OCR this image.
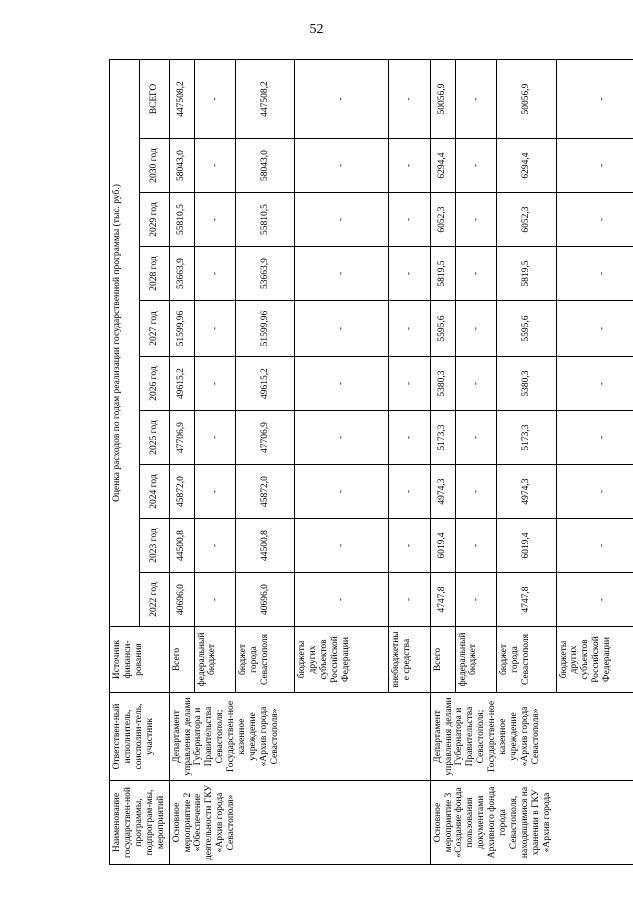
52
Наименование государствен-ной программы, подпрограм-мы, мероприятий	Ответствен-ный исполнитель, соисполни-тель, участник	Источник финанси-рования	Оценка расходов по годам реализации государственной программы (тыс. руб.)									
			2022 год	2023 год	2024 год	2025 год	2026 год	2027 год	2028 год	2029 год	2030 год	ВСЕГО
Основное мероприятие 2 «Обеспечение деятельности ГКУ «Архив города Севастополя»	Департамент управления делами Губернатора и Правительства Севастополя; Государствен-ное казенное учреждение «Архив города Севастополя»	Всего	40696,0	44500,8	45872,0	47706,9	49615,2	51599,96	53663,9	55810,5	58043,0	447508,2
		федеральный бюджет	-	-	-	-	-	-	-	-	-	-
		бюджет города Севастополя	40696,0	44500,8	45872,0	47706,9	49615,2	51599,96	53663,9	55810,5	58043,0	447508,2
		бюджеты других субъектов Российской Федерации	-	-	-	-	-	-	-	-	-	-
		внебюджетные средства	-	-	-	-	-	-	-	-	-	-
Основное мероприятие 3 «Создание фонда пользования документами Архивного фонда города Севастополя, находящимися на хранении в ГКУ «Архив города	Департамент управления делами Губернатора и Правительства Севастополя; Государствен-ное казенное учреждение «Архив города Севастополя»	Всего	4747,8	6019,4	4974,3	5173,3	5380,3	5595,6	5819,5	6052,3	6294,4	50056,9
		федеральный бюджет	-	-	-	-	-	-	-	-	-	-
		бюджет города Севастополя	4747,8	6019,4	4974,3	5173,3	5380,3	5595,6	5819,5	6052,3	6294,4	50056,9
		бюджеты других субъектов Российской Федерации	-	-	-	-	-	-	-	-	-	-
